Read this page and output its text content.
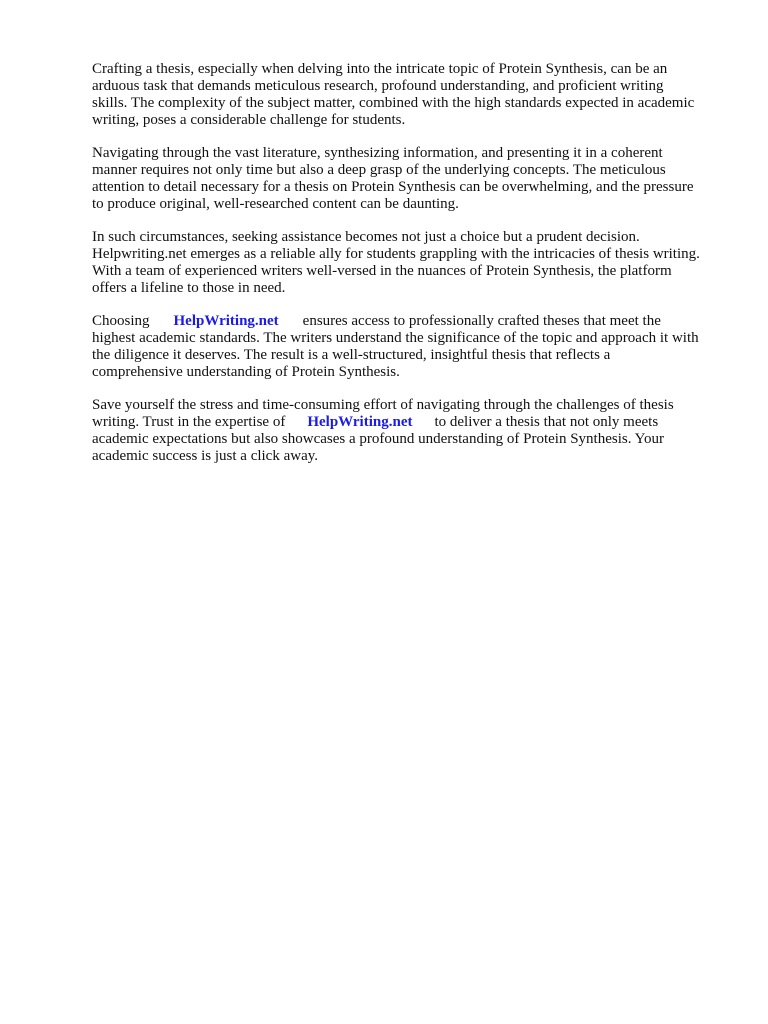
Crafting a thesis, especially when delving into the intricate topic of Protein Synthesis, can be an
arduous task that demands meticulous research, profound understanding, and proficient writing
skills. The complexity of the subject matter, combined with the high standards expected in academic
writing, poses a considerable challenge for students.
Navigating through the vast literature, synthesizing information, and presenting it in a coherent
manner requires not only time but also a deep grasp of the underlying concepts. The meticulous
attention to detail necessary for a thesis on Protein Synthesis can be overwhelming, and the pressure
to produce original, well-researched content can be daunting.
In such circumstances, seeking assistance becomes not just a choice but a prudent decision.
Helpwriting.net emerges as a reliable ally for students grappling with the intricacies of thesis writing.
With a team of experienced writers well-versed in the nuances of Protein Synthesis, the platform
offers a lifeline to those in need.
Choosing HelpWriting.net ensures access to professionally crafted theses that meet the
highest academic standards. The writers understand the significance of the topic and approach it with
the diligence it deserves. The result is a well-structured, insightful thesis that reflects a
comprehensive understanding of Protein Synthesis.
Save yourself the stress and time-consuming effort of navigating through the challenges of thesis
writing. Trust in the expertise of HelpWriting.net to deliver a thesis that not only meets
academic expectations but also showcases a profound understanding of Protein Synthesis. Your
academic success is just a click away.
